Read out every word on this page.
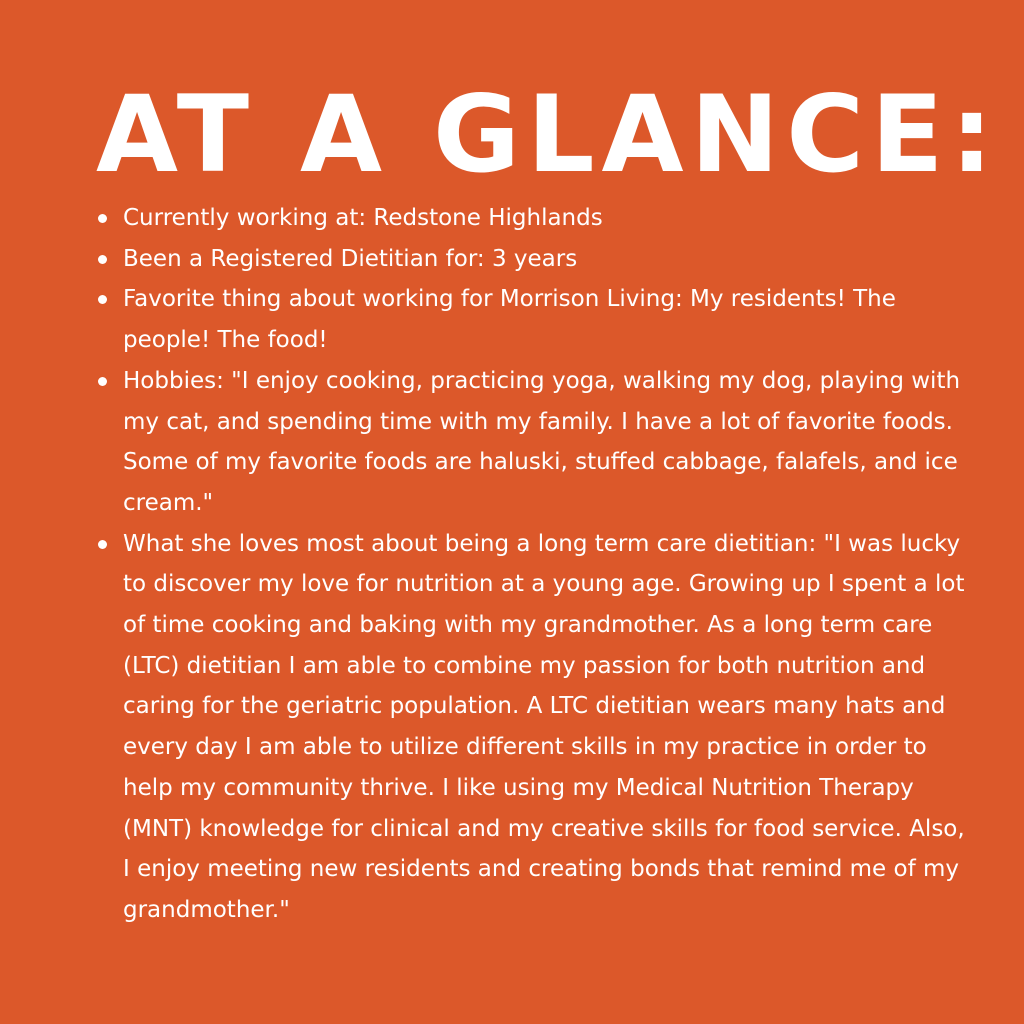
AT A GLANCE:
Currently working at: Redstone Highlands
Been a Registered Dietitian for: 3 years
Favorite thing about working for Morrison Living: My residents! The people! The food!
Hobbies: "I enjoy cooking, practicing yoga, walking my dog, playing with my cat, and spending time with my family. I have a lot of favorite foods. Some of my favorite foods are haluski, stuffed cabbage, falafels, and ice cream."
What she loves most about being a long term care dietitian: "I was lucky to discover my love for nutrition at a young age. Growing up I spent a lot of time cooking and baking with my grandmother. As a long term care (LTC) dietitian I am able to combine my passion for both nutrition and caring for the geriatric population. A LTC dietitian wears many hats and every day I am able to utilize different skills in my practice in order to help my community thrive. I like using my Medical Nutrition Therapy (MNT) knowledge for clinical and my creative skills for food service. Also, I enjoy meeting new residents and creating bonds that remind me of my grandmother."
